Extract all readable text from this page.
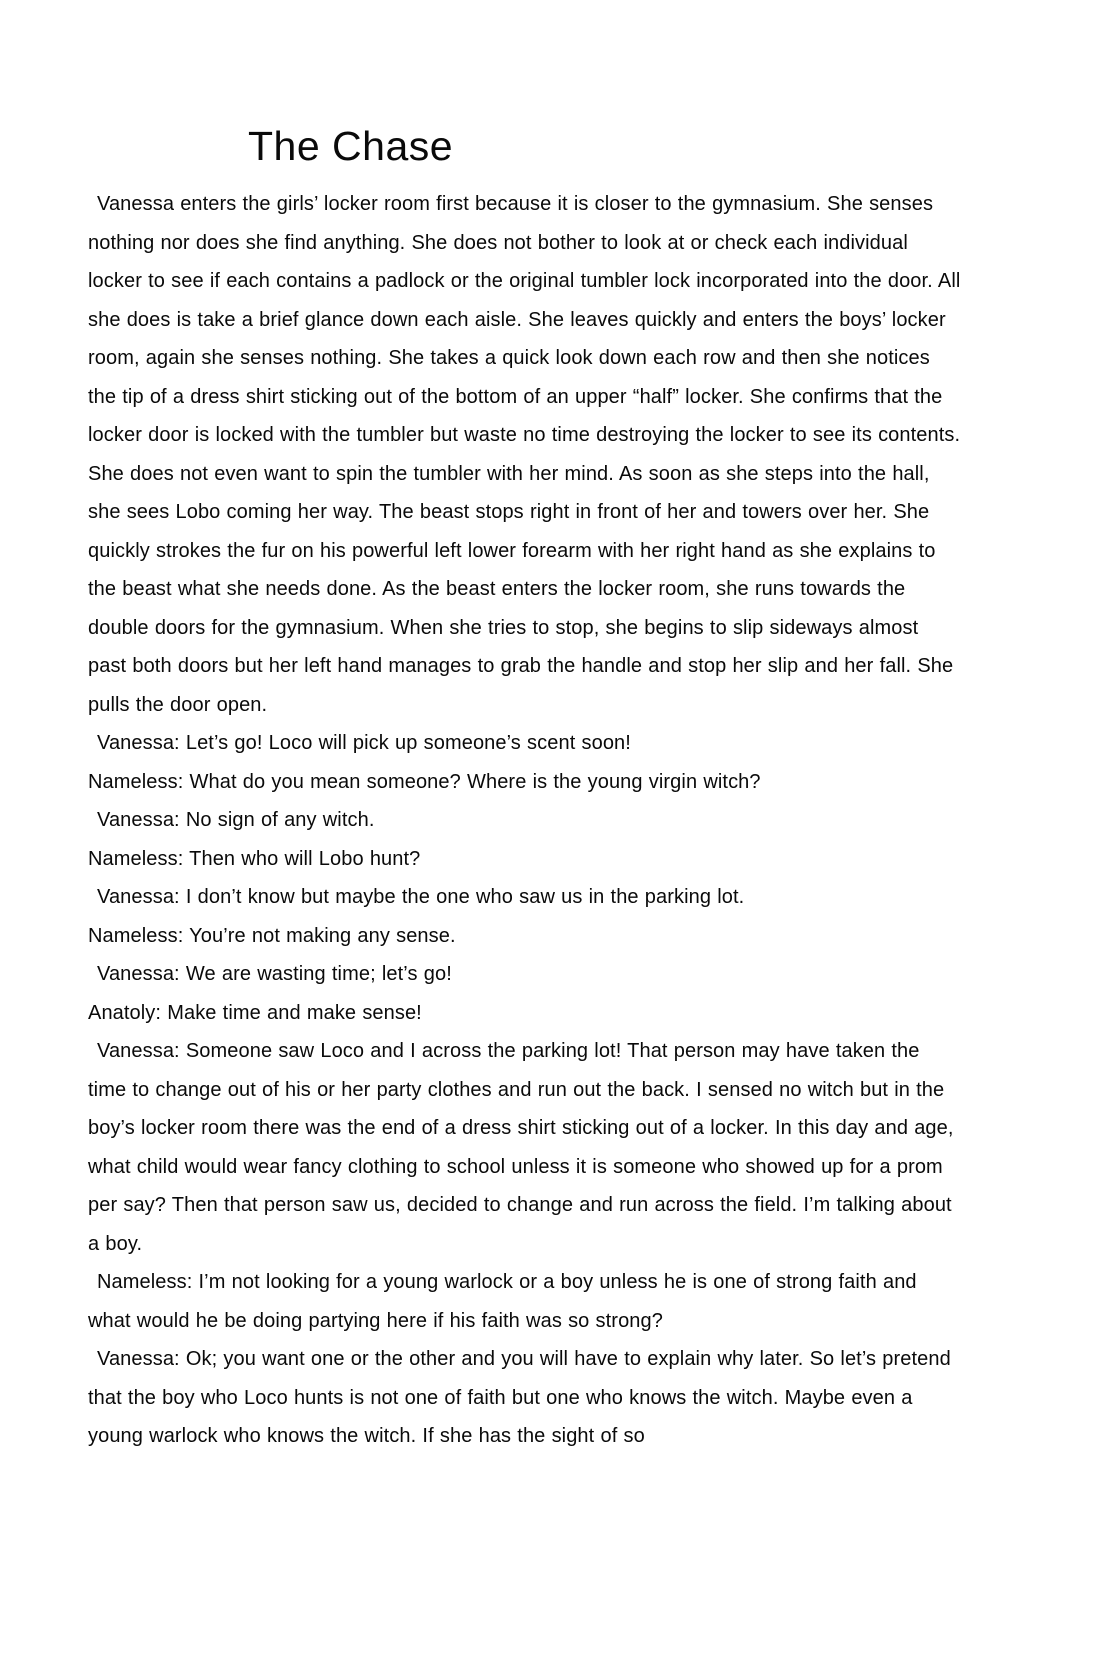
The Chase

Vanessa enters the girls’ locker room first because it is closer to the gymnasium. She senses nothing nor does she find anything. She does not bother to look at or check each individual locker to see if each contains a padlock or the original tumbler lock incorporated into the door. All she does is take a brief glance down each aisle. She leaves quickly and enters the boys’ locker room, again she senses nothing. She takes a quick look down each row and then she notices the tip of a dress shirt sticking out of the bottom of an upper “half” locker. She confirms that the locker door is locked with the tumbler but waste no time destroying the locker to see its contents. She does not even want to spin the tumbler with her mind. As soon as she steps into the hall, she sees Lobo coming her way. The beast stops right in front of her and towers over her. She quickly strokes the fur on his powerful left lower forearm with her right hand as she explains to the beast what she needs done. As the beast enters the locker room, she runs towards the double doors for the gymnasium. When she tries to stop, she begins to slip sideways almost past both doors but her left hand manages to grab the handle and stop her slip and her fall. She pulls the door open.

Vanessa: Let’s go! Loco will pick up someone’s scent soon!

Nameless: What do you mean someone? Where is the young virgin witch?

Vanessa: No sign of any witch.

Nameless: Then who will Lobo hunt?

Vanessa: I don’t know but maybe the one who saw us in the parking lot.

Nameless: You’re not making any sense.

Vanessa: We are wasting time; let’s go!

Anatoly: Make time and make sense!

Vanessa: Someone saw Loco and I across the parking lot! That person may have taken the time to change out of his or her party clothes and run out the back. I sensed no witch but in the boy’s locker room there was the end of a dress shirt sticking out of a locker. In this day and age, what child would wear fancy clothing to school unless it is someone who showed up for a prom per say? Then that person saw us, decided to change and run across the field. I’m talking about a boy.

Nameless: I’m not looking for a young warlock or a boy unless he is one of strong faith and what would he be doing partying here if his faith was so strong?

Vanessa: Ok; you want one or the other and you will have to explain why later. So let’s pretend that the boy who Loco hunts is not one of faith but one who knows the witch. Maybe even a young warlock who knows the witch. If she has the sight of so
